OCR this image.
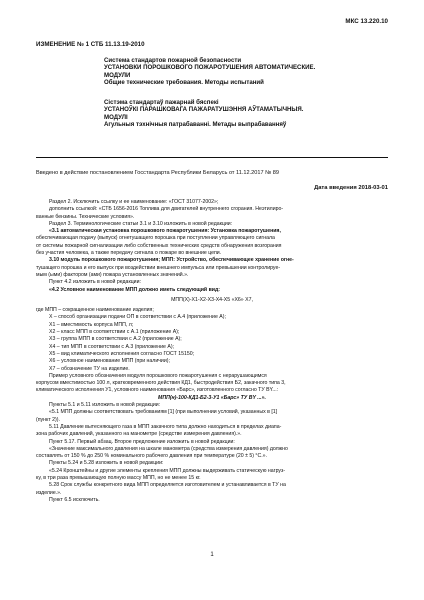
МКС 13.220.10
ИЗМЕНЕНИЕ № 1 СТБ 11.13.19-2010
Система стандартов пожарной безопасности
УСТАНОВКИ ПОРОШКОВОГО ПОЖАРОТУШЕНИЯ АВТОМАТИЧЕСКИЕ.
МОДУЛИ
Общие технические требования. Методы испытаний
Сістэма стандартаў пажарнай бяспекі
УСТАНОЎКІ ПАРАШКОВАГА ПАЖАРАТУШЭННЯ АЎТАМАТЫЧНЫЯ.
МОДУЛІ
Агульныя тэхнічныя патрабаванні. Метады выпрабаванняў
Введено в действие постановлением Госстандарта Республики Беларусь от 11.12.2017 № 89
Дата введения 2018-03-01
Раздел 2. Исключить ссылку и ее наименование: «ГОСТ 31077-2002»;
дополнить ссылкой: «СТБ 1656-2016 Топлива для двигателей внутреннего сгорания. Неэтилиро-
ванные бензины. Технические условия».
Раздел 3. Терминологические статьи 3.1 и 3.10 изложить в новой редакции:
«3.1 автоматическая установка порошкового пожаротушения: Установка пожаротушения,
обеспечивающая подачу (выпуск) огнетушащего порошка при поступлении управляющего сигнала
от системы пожарной сигнализации либо собственных технических средств обнаружения возгорания
без участия человека, а также передачу сигнала о пожаре во внешние цепи.
3.10 модуль порошкового пожаротушения; МПП: Устройство, обеспечивающее хранение огне-
тушащего порошка и его выпуск при воздействии внешнего импульса или превышении контролируе-
мым (ыми) фактором (ами) пожара установленных значений.».
Пункт 4.2 изложить в новой редакции:
«4.2 Условное наименование МПП должно иметь следующий вид:
МПП(Х)-Х1-Х2-Х3-Х4-Х5 «Х6» Х7,
где МПП – сокращенное наименование изделия;
Х – способ организации подачи ОП в соответствии с А.4 (приложение А);
Х1 – вместимость корпуса МПП, л;
Х2 – класс МПП в соответствии с А.1 (приложение А);
Х3 – группа МПП в соответствии с А.2 (приложение А);
Х4 – тип МПП в соответствии с А.3 (приложение А);
Х5 – вид климатического исполнения согласно ГОСТ 15150;
Х6 – условное наименование МПП (при наличии);
Х7 – обозначение ТУ на изделие.
Пример условного обозначения модуля порошкового пожаротушения с нерарушающимся
корпусом вместимостью 100 л, кратковременного действия КД1, быстродействия Б2, закачного типа 3,
климатического исполнения У1, условного наименования «Барс», изготовленного согласно ТУ ВY...:
МПП(н)-100-КД1-Б2-3-У1 «Барс» ТУ ВY ...».
Пункты 5.1 и 5.11 изложить в новой редакции:
«5.1 МПП должны соответствовать требованиям [1] (при выполнении условий, указанных в [1]
(пункт 2)).
5.11 Давление вытесняющего газа в МПП закачного типа должно находиться в пределах диапа-
зона рабочих давлений, указанного на манометре (средстве измерения давления).».
Пункт 5.17. Первый абзац. Второе предложение изложить в новой редакции:
«Значение максимального давления на шкале манометра (средства измерения давления) должно
составлять от 150 % до 250 % номинального рабочего давления при температуре (20 ± 5) °С.».
Пункты 5.24 и 5.28 изложить в новой редакции:
«5.24 Кронштейны и другие элементы крепления МПП должны выдерживать статическую нагруз-
ку, в три раза превышающую полную массу МПП, но не менее 15 кг.
5.28 Срок службы конкретного вида МПП определяется изготовителем и устанавливается в ТУ на
изделие.».
Пункт 6.5 исключить.
1
